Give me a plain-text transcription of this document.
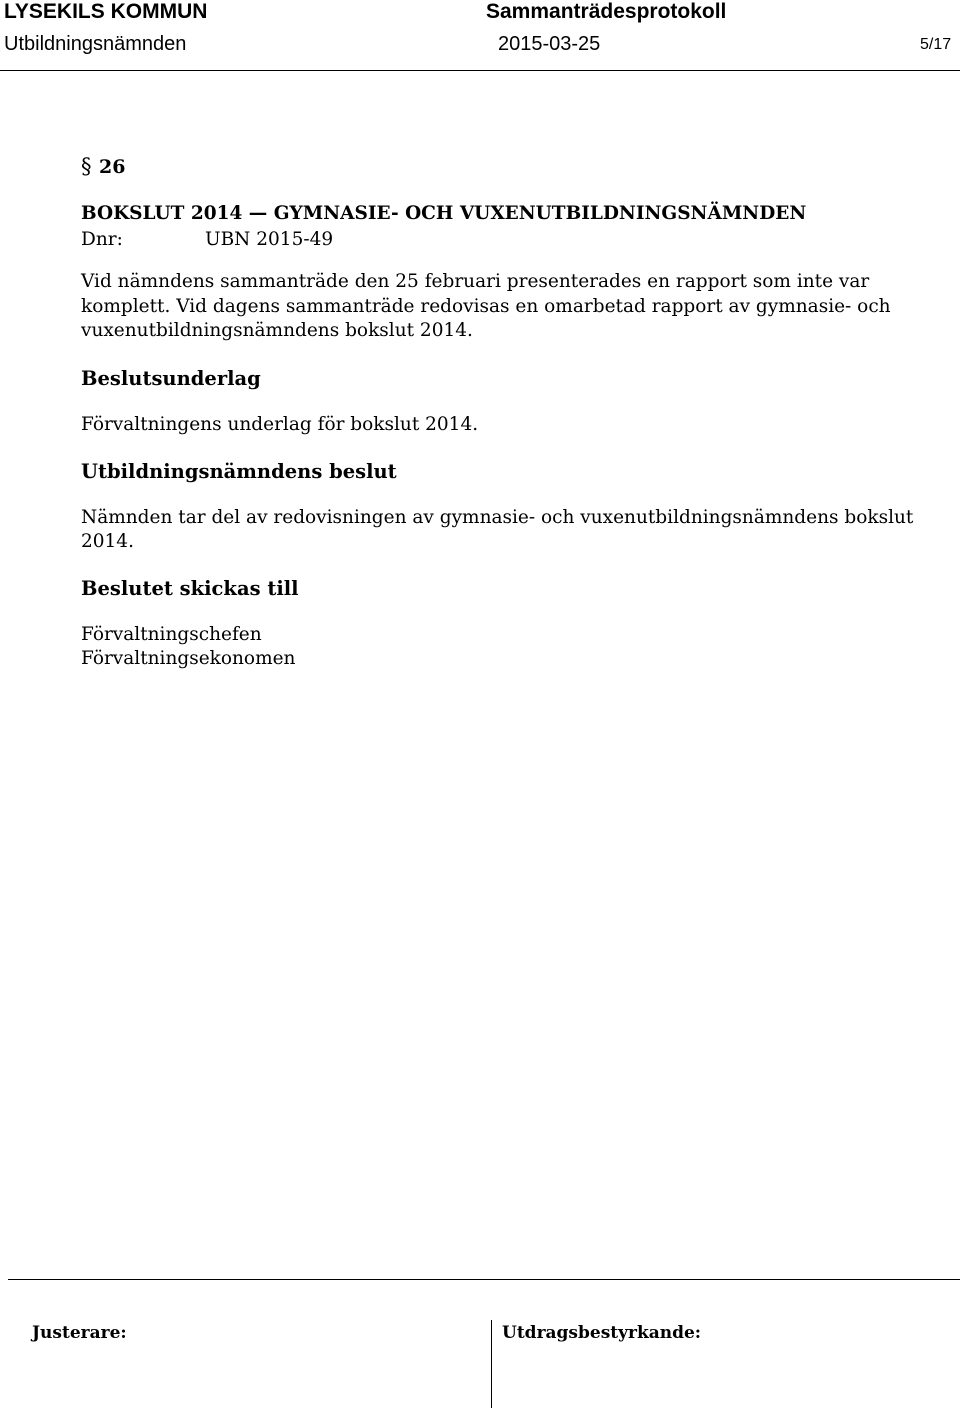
LYSEKILS KOMMUN	Sammanträdesprotokoll
Utbildningsnämnden	2015-03-25	5/17
§ 26
BOKSLUT 2014 — GYMNASIE- OCH VUXENUTBILDNINGSNÄMNDEN
Dnr:	UBN 2015-49
Vid nämndens sammanträde den 25 februari presenterades en rapport som inte var
komplett. Vid dagens sammanträde redovisas en omarbetad rapport av gymnasie- och
vuxenutbildningsnämndens bokslut 2014.
Beslutsunderlag
Förvaltningens underlag för bokslut 2014.
Utbildningsnämndens beslut
Nämnden tar del av redovisningen av gymnasie- och vuxenutbildningsnämndens bokslut
2014.
Beslutet skickas till
Förvaltningschefen
Förvaltningsekonomen
Justerare:	Utdragsbestyrkande:
